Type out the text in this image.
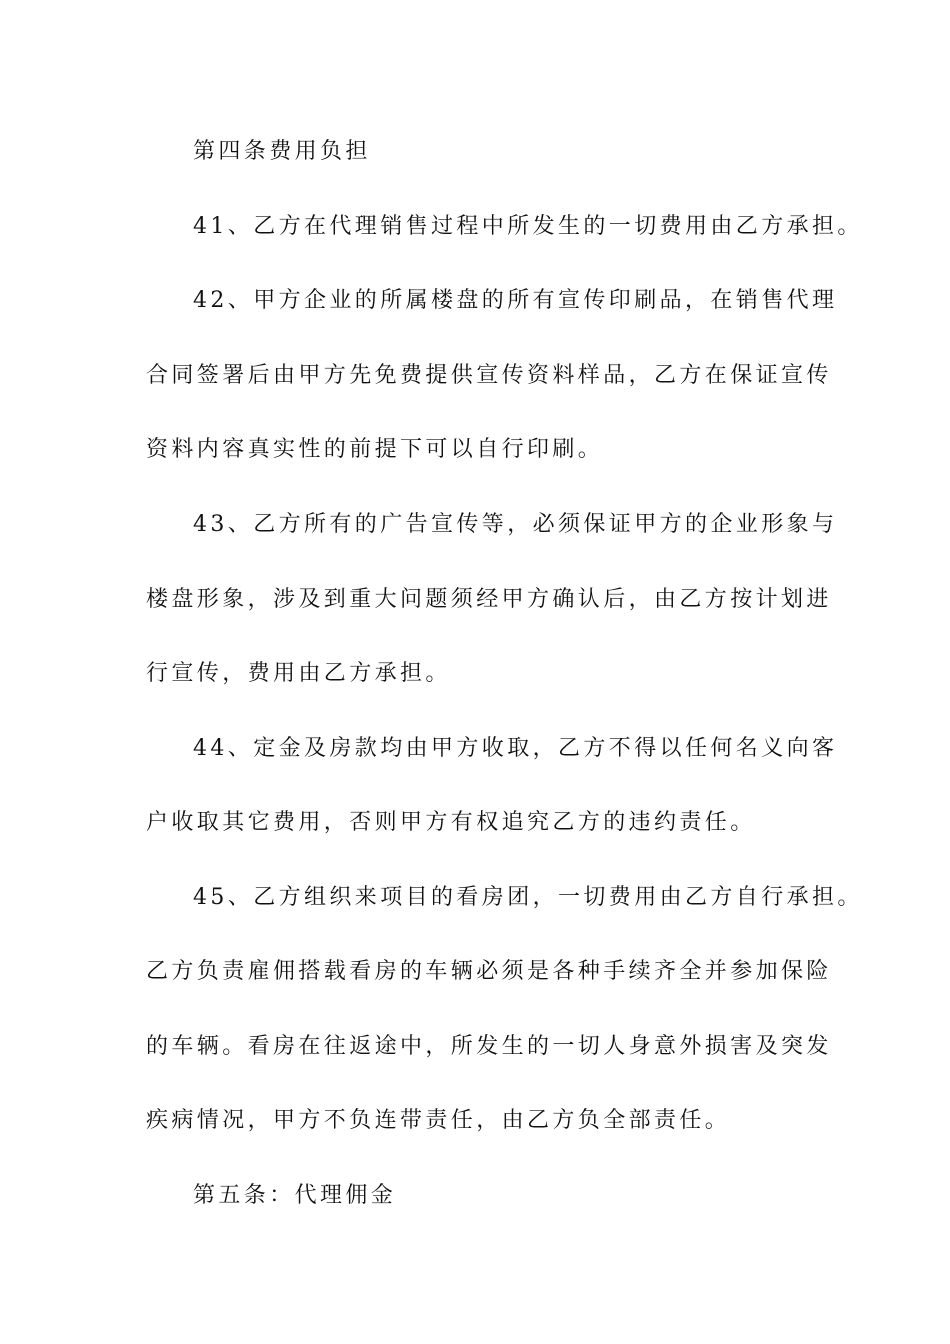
第四条费用负担
41、乙方在代理销售过程中所发生的一切费用由乙方承担。
42、甲方企业的所属楼盘的所有宣传印刷品，在销售代理
合同签署后由甲方先免费提供宣传资料样品，乙方在保证宣传
资料内容真实性的前提下可以自行印刷。
43、乙方所有的广告宣传等，必须保证甲方的企业形象与
楼盘形象，涉及到重大问题须经甲方确认后，由乙方按计划进
行宣传，费用由乙方承担。
44、定金及房款均由甲方收取，乙方不得以任何名义向客
户收取其它费用，否则甲方有权追究乙方的违约责任。
45、乙方组织来项目的看房团，一切费用由乙方自行承担。
乙方负责雇佣搭载看房的车辆必须是各种手续齐全并参加保险
的车辆。看房在往返途中，所发生的一切人身意外损害及突发
疾病情况，甲方不负连带责任，由乙方负全部责任。
第五条：代理佣金
